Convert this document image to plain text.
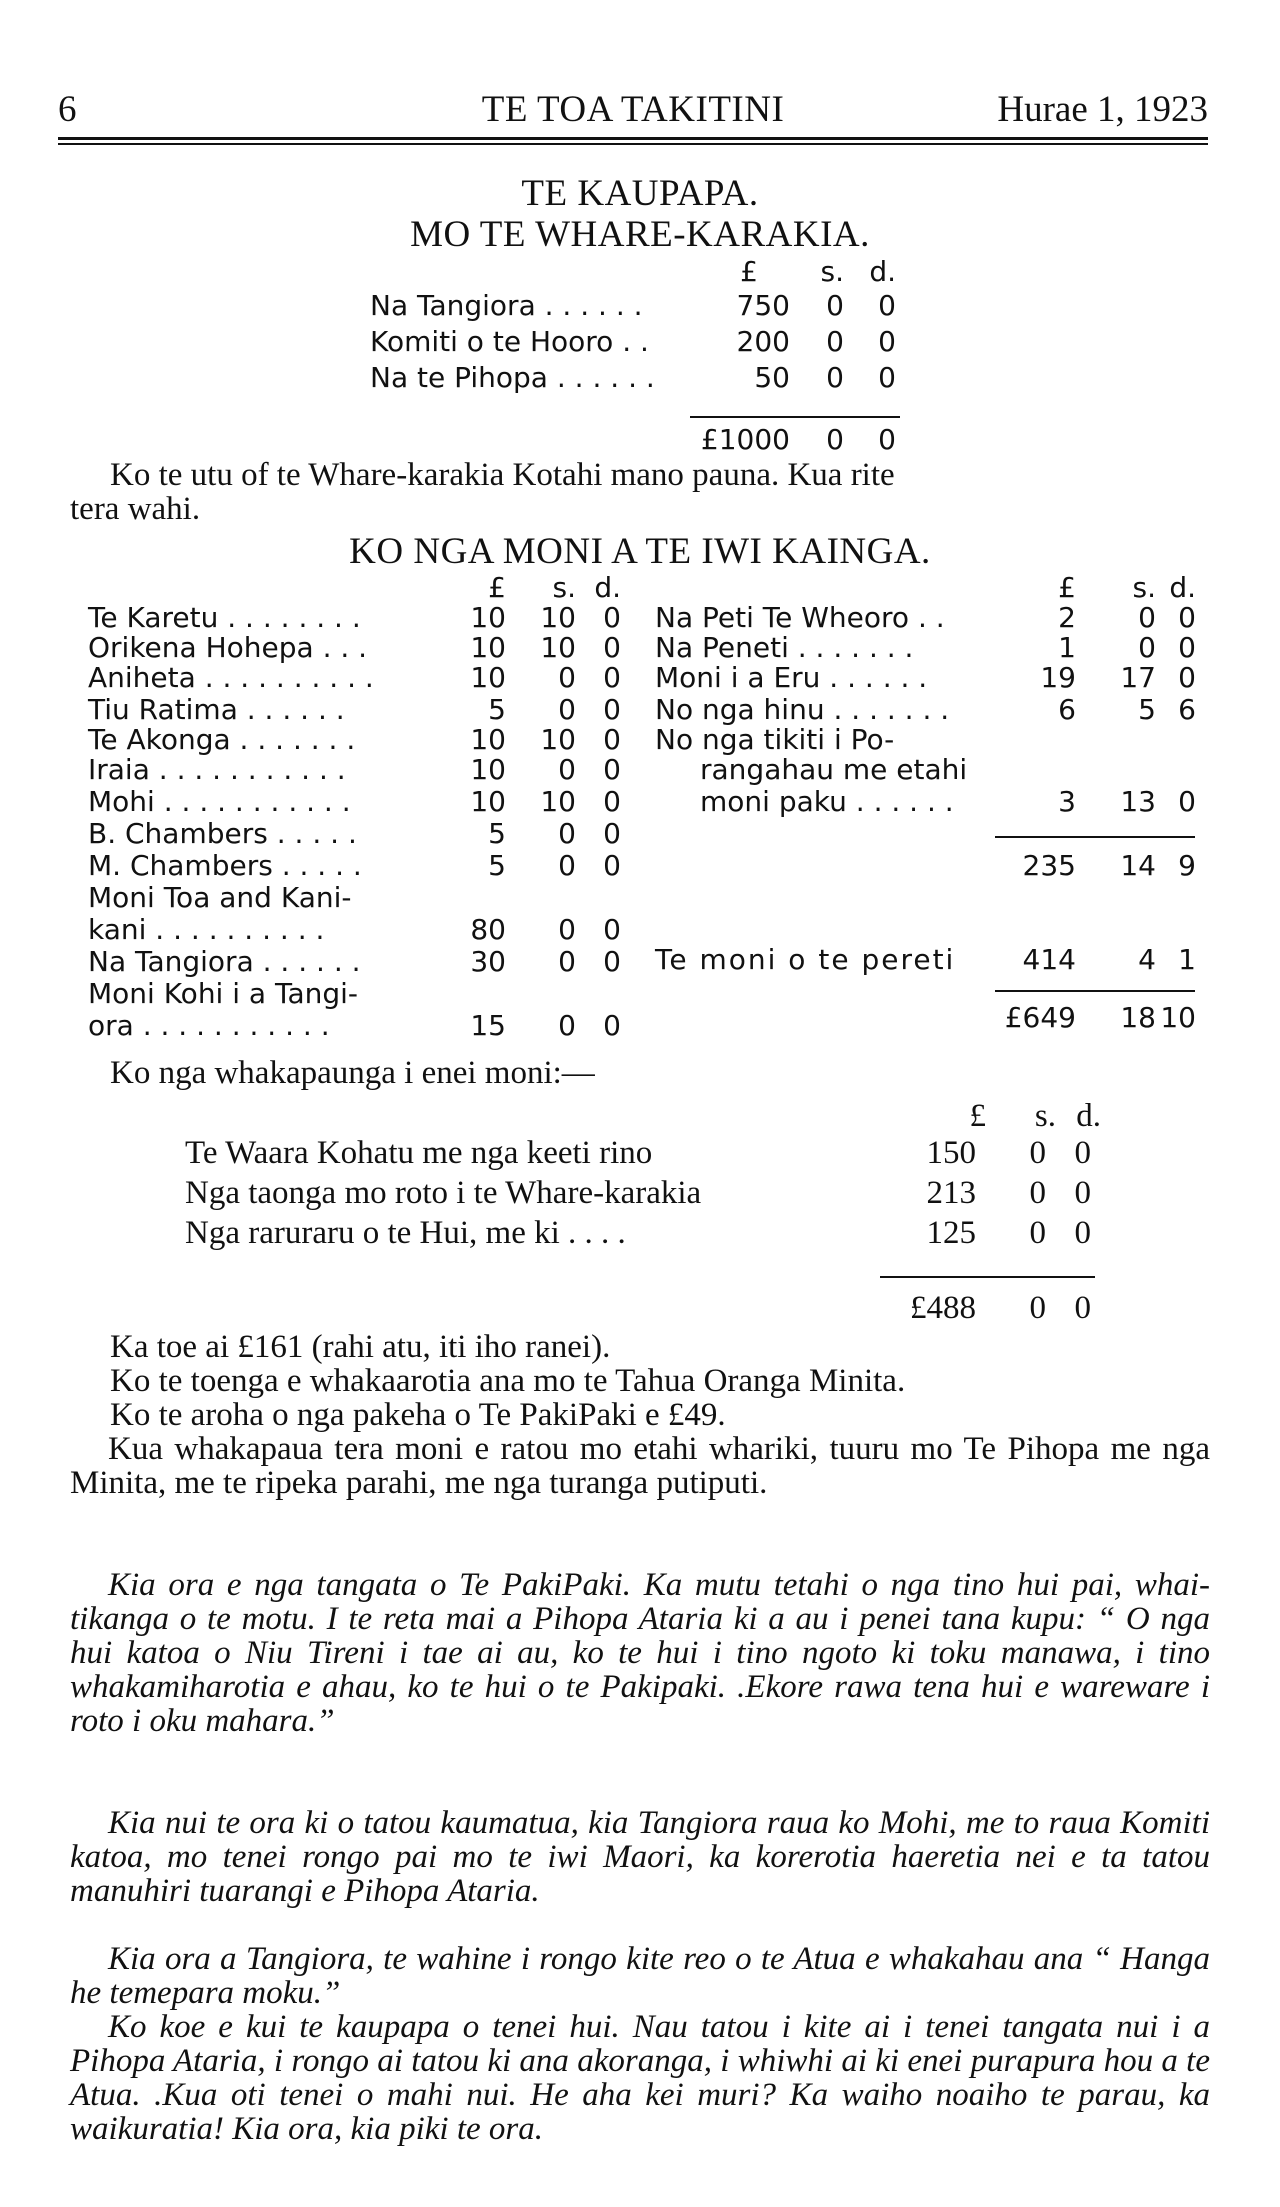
6	TE TOA TAKITINI	Hurae 1, 1923
TE KAUPAPA.
MO TE WHARE-KARAKIA.
£	s. d.
Na Tangiora . . . . . .	750	0	0
Komiti o te Hooro . .	200	0	0
Na te Pihopa . . . . . .	50	0	0
£1000	0	0
Ko te utu of te Whare-karakia Kotahi mano pauna. Kua rite
tera wahi.
KO NGA MONI A TE IWI KAINGA.
£	s. d.	£	s. d.
Te Karetu . . . . . . . .	10	10 0
Orikena Hohepa . . .	10	10 0
Aniheta . . . . . . . . . .	10	0 0
Tiu Ratima . . . . . .	5	0 0
Te Akonga . . . . . . .	10	10 0
Iraia . . . . . . . . . . .	10	0 0
Mohi . . . . . . . . . . .	10	10 0
B. Chambers . . . . .	5	0 0
M. Chambers . . . . .	5	0 0
Moni Toa and Kani-
kani . . . . . . . . . .	80	0 0
Na Tangiora . . . . . .	30	0 0
Moni Kohi i a Tangi-
ora . . . . . . . . . . .	15	0 0
Na Peti Te Wheoro . .	2	0 0
Na Peneti . . . . . . .	1	0 0
Moni i a Eru . . . . . .	19	17 0
No nga hinu . . . . . . .	6	5 6
No nga tikiti i Po-
rangahau me etahi
moni paku . . . . . .	3	13 0
235	14 9
Te moni o te pereti	414	4 1
£649	18 10
Ko nga whakapaunga i enei moni:—
£	s. d.
Te Waara Kohatu me nga keeti rino	150	0 0
Nga taonga mo roto i te Whare-karakia	213	0 0
Nga raruraru o te Hui, me ki . . . .	125	0 0
£488	0 0
Ka toe ai £161 (rahi atu, iti iho ranei).
Ko te toenga e whakaarotia ana mo te Tahua Oranga Minita.
Ko te aroha o nga pakeha o Te PakiPaki e £49.
Kua whakapaua tera moni e ratou mo etahi whariki, tuuru mo Te Pihopa me nga Minita, me te ripeka parahi, me nga turanga putiputi.
Kia ora e nga tangata o Te PakiPaki. Ka mutu tetahi o nga tino hui pai, whai-tikanga o te motu. I te reta mai a Pihopa Ataria ki a au i penei tana kupu: “ O nga hui katoa o Niu Tireni i tae ai au, ko te hui i tino ngoto ki toku manawa, i tino whakamiharotia e ahau, ko te hui o te Pakipaki. .Ekore rawa tena hui e wareware i roto i oku mahara.”
Kia nui te ora ki o tatou kaumatua, kia Tangiora raua ko Mohi, me to raua Komiti katoa, mo tenei rongo pai mo te iwi Maori, ka korerotia haeretia nei e ta tatou manuhiri tuarangi e Pihopa Ataria.
Kia ora a Tangiora, te wahine i rongo kite reo o te Atua e whakahau ana “ Hanga he temepara moku.”
Ko koe e kui te kaupapa o tenei hui. Nau tatou i kite ai i tenei tangata nui i a Pihopa Ataria, i rongo ai tatou ki ana akoranga, i whiwhi ai ki enei purapura hou a te Atua. .Kua oti tenei o mahi nui. He aha kei muri? Ka waiho noaiho te parau, ka waikuratia! Kia ora, kia piki te ora.
